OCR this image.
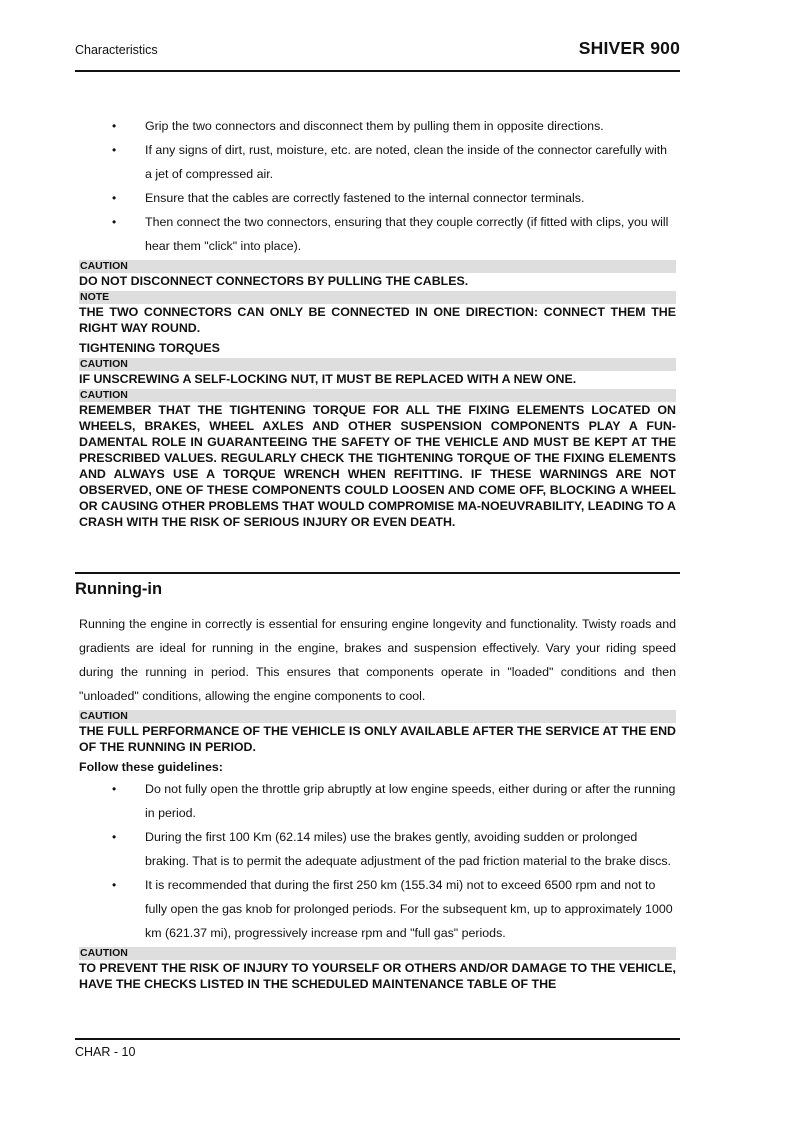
Characteristics	SHIVER 900
• Grip the two connectors and disconnect them by pulling them in opposite directions.
• If any signs of dirt, rust, moisture, etc. are noted, clean the inside of the connector carefully with a jet of compressed air.
• Ensure that the cables are correctly fastened to the internal connector terminals.
• Then connect the two connectors, ensuring that they couple correctly (if fitted with clips, you will hear them "click" into place).
CAUTION
DO NOT DISCONNECT CONNECTORS BY PULLING THE CABLES.
NOTE
THE TWO CONNECTORS CAN ONLY BE CONNECTED IN ONE DIRECTION: CONNECT THEM THE RIGHT WAY ROUND.
TIGHTENING TORQUES
CAUTION
IF UNSCREWING A SELF-LOCKING NUT, IT MUST BE REPLACED WITH A NEW ONE.
CAUTION
REMEMBER THAT THE TIGHTENING TORQUE FOR ALL THE FIXING ELEMENTS LOCATED ON WHEELS, BRAKES, WHEEL AXLES AND OTHER SUSPENSION COMPONENTS PLAY A FUN-DAMENTAL ROLE IN GUARANTEEING THE SAFETY OF THE VEHICLE AND MUST BE KEPT AT THE PRESCRIBED VALUES. REGULARLY CHECK THE TIGHTENING TORQUE OF THE FIXING ELEMENTS AND ALWAYS USE A TORQUE WRENCH WHEN REFITTING. IF THESE WARNINGS ARE NOT OBSERVED, ONE OF THESE COMPONENTS COULD LOOSEN AND COME OFF, BLOCKING A WHEEL OR CAUSING OTHER PROBLEMS THAT WOULD COMPROMISE MA-NOEUVRABILITY, LEADING TO A CRASH WITH THE RISK OF SERIOUS INJURY OR EVEN DEATH.
Running-in
Running the engine in correctly is essential for ensuring engine longevity and functionality. Twisty roads and gradients are ideal for running in the engine, brakes and suspension effectively. Vary your riding speed during the running in period. This ensures that components operate in "loaded" conditions and then "unloaded" conditions, allowing the engine components to cool.
CAUTION
THE FULL PERFORMANCE OF THE VEHICLE IS ONLY AVAILABLE AFTER THE SERVICE AT THE END OF THE RUNNING IN PERIOD.
Follow these guidelines:
• Do not fully open the throttle grip abruptly at low engine speeds, either during or after the running in period.
• During the first 100 Km (62.14 miles) use the brakes gently, avoiding sudden or prolonged braking. That is to permit the adequate adjustment of the pad friction material to the brake discs.
• It is recommended that during the first 250 km (155.34 mi) not to exceed 6500 rpm and not to fully open the gas knob for prolonged periods. For the subsequent km, up to approximately 1000 km (621.37 mi), progressively increase rpm and "full gas" periods.
CAUTION
TO PREVENT THE RISK OF INJURY TO YOURSELF OR OTHERS AND/OR DAMAGE TO THE VEHICLE, HAVE THE CHECKS LISTED IN THE SCHEDULED MAINTENANCE TABLE OF THE
CHAR - 10
